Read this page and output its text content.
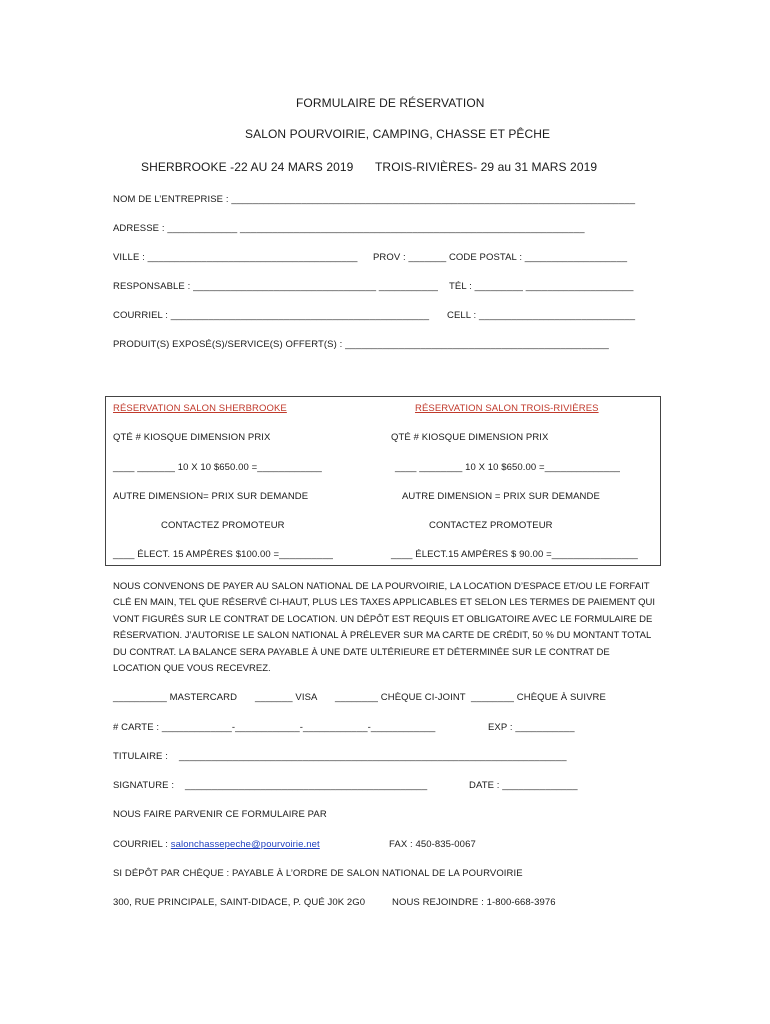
FORMULAIRE DE RÉSERVATION
SALON POURVOIRIE, CAMPING, CHASSE ET PÊCHE
SHERBROOKE -22 AU 24 MARS 2019 TROIS-RIVIÈRES- 29 au 31 MARS 2019
NOM DE L’ENTREPRISE : ___________________________________________________________________________
ADRESSE : _____________ ________________________________________________________________
VILLE : _______________________________________ PROV : _______ CODE POSTAL : ___________________
RESPONSABLE : __________________________________ ___________ TÉL : _________ ____________________
COURRIEL : ________________________________________________ CELL : _____________________________
PRODUIT(S) EXPOSÉ(S)/SERVICE(S) OFFERT(S) : _________________________________________________
RÉSERVATION SALON SHERBROOKE	RÉSERVATION SALON TROIS-RIVIÈRES
QTÉ # KIOSQUE DIMENSION PRIX	QTÉ # KIOSQUE DIMENSION PRIX
____ _______ 10 X 10 $650.00 =____________	____ ________ 10 X 10 $650.00 =______________
AUTRE DIMENSION= PRIX SUR DEMANDE	AUTRE DIMENSION = PRIX SUR DEMANDE
CONTACTEZ PROMOTEUR	CONTACTEZ PROMOTEUR
____ ÉLECT. 15 AMPÈRES $100.00 =__________	____ ÉLECT.15 AMPÈRES $ 90.00 =________________
NOUS CONVENONS DE PAYER AU SALON NATIONAL DE LA POURVOIRIE, LA LOCATION D’ESPACE ET/OU LE FORFAIT CLÉ EN MAIN, TEL QUE RÉSERVÉ CI-HAUT, PLUS LES TAXES APPLICABLES ET SELON LES TERMES DE PAIEMENT QUI VONT FIGURÉS SUR LE CONTRAT DE LOCATION. UN DÉPÔT EST REQUIS ET OBLIGATOIRE AVEC LE FORMULAIRE DE RÉSERVATION. J’AUTORISE LE SALON NATIONAL À PRÉLEVER SUR MA CARTE DE CRÉDIT, 50 % DU MONTANT TOTAL DU CONTRAT. LA BALANCE SERA PAYABLE À UNE DATE ULTÉRIEURE ET DÉTERMINÉE SUR LE CONTRAT DE LOCATION QUE VOUS RECEVREZ.
__________ MASTERCARD _______ VISA ________ CHÈQUE CI-JOINT ________ CHÈQUE À SUIVRE
# CARTE : _____________-____________-____________-____________	EXP : ___________
TITULAIRE : ________________________________________________________________________
SIGNATURE : _____________________________________________	DATE : ______________
NOUS FAIRE PARVENIR CE FORMULAIRE PAR
COURRIEL : salonchassepeche@pourvoirie.net	FAX : 450-835-0067
SI DÉPÔT PAR CHÈQUE : PAYABLE À L’ORDRE DE SALON NATIONAL DE LA POURVOIRIE
300, RUE PRINCIPALE, SAINT-DIDACE, P. QUÉ J0K 2G0	NOUS REJOINDRE : 1-800-668-3976
